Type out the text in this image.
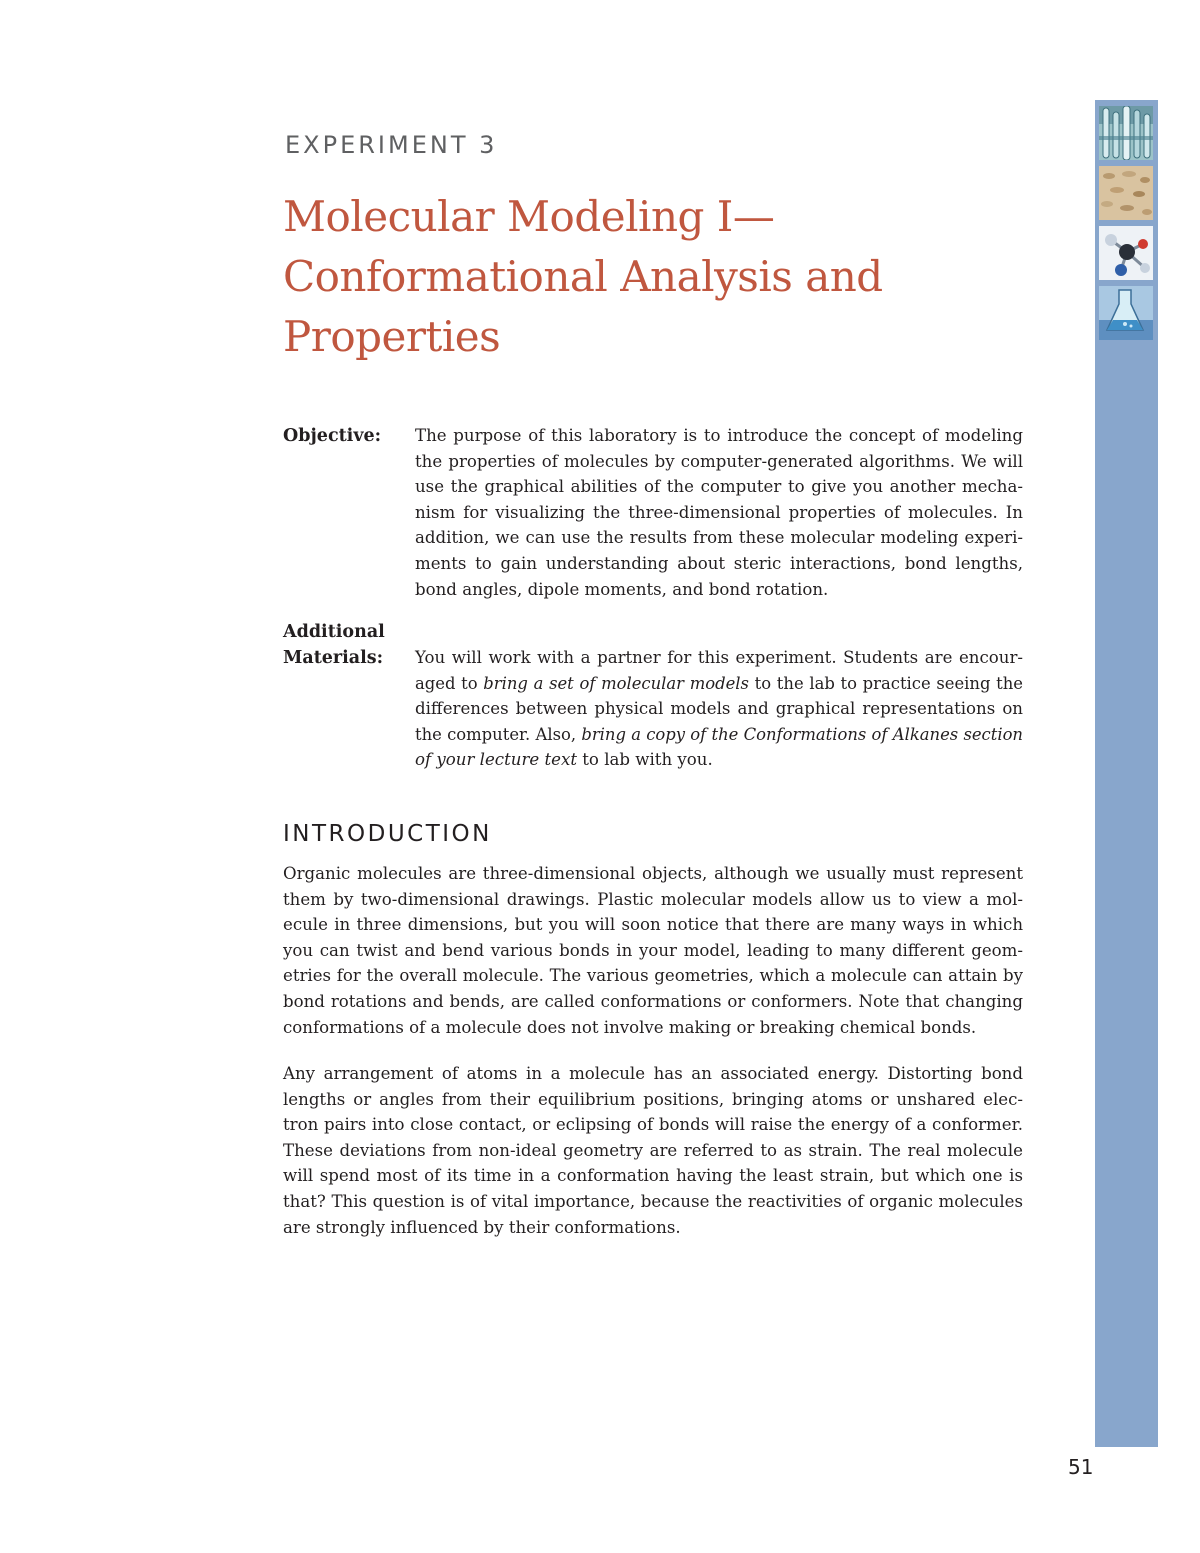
EXPERIMENT 3
Molecular Modeling I—
Conformational Analysis and
Properties
Objective: The purpose of this laboratory is to introduce the concept of modeling
the properties of molecules by computer-generated algorithms. We will
use the graphical abilities of the computer to give you another mecha-
nism for visualizing the three-dimensional properties of molecules. In
addition, we can use the results from these molecular modeling experi-
ments to gain understanding about steric interactions, bond lengths,
bond angles, dipole moments, and bond rotation.
Additional
Materials: You will work with a partner for this experiment. Students are encour-
aged to bring a set of molecular models to the lab to practice seeing the
differences between physical models and graphical representations on
the computer. Also, bring a copy of the Conformations of Alkanes section
of your lecture text to lab with you.
INTRODUCTION
Organic molecules are three-dimensional objects, although we usually must represent
them by two-dimensional drawings. Plastic molecular models allow us to view a mol-
ecule in three dimensions, but you will soon notice that there are many ways in which
you can twist and bend various bonds in your model, leading to many different geom-
etries for the overall molecule. The various geometries, which a molecule can attain by
bond rotations and bends, are called conformations or conformers. Note that changing
conformations of a molecule does not involve making or breaking chemical bonds.
Any arrangement of atoms in a molecule has an associated energy. Distorting bond
lengths or angles from their equilibrium positions, bringing atoms or unshared elec-
tron pairs into close contact, or eclipsing of bonds will raise the energy of a conformer.
These deviations from non-ideal geometry are referred to as strain. The real molecule
will spend most of its time in a conformation having the least strain, but which one is
that? This question is of vital importance, because the reactivities of organic molecules
are strongly influenced by their conformations.
51
